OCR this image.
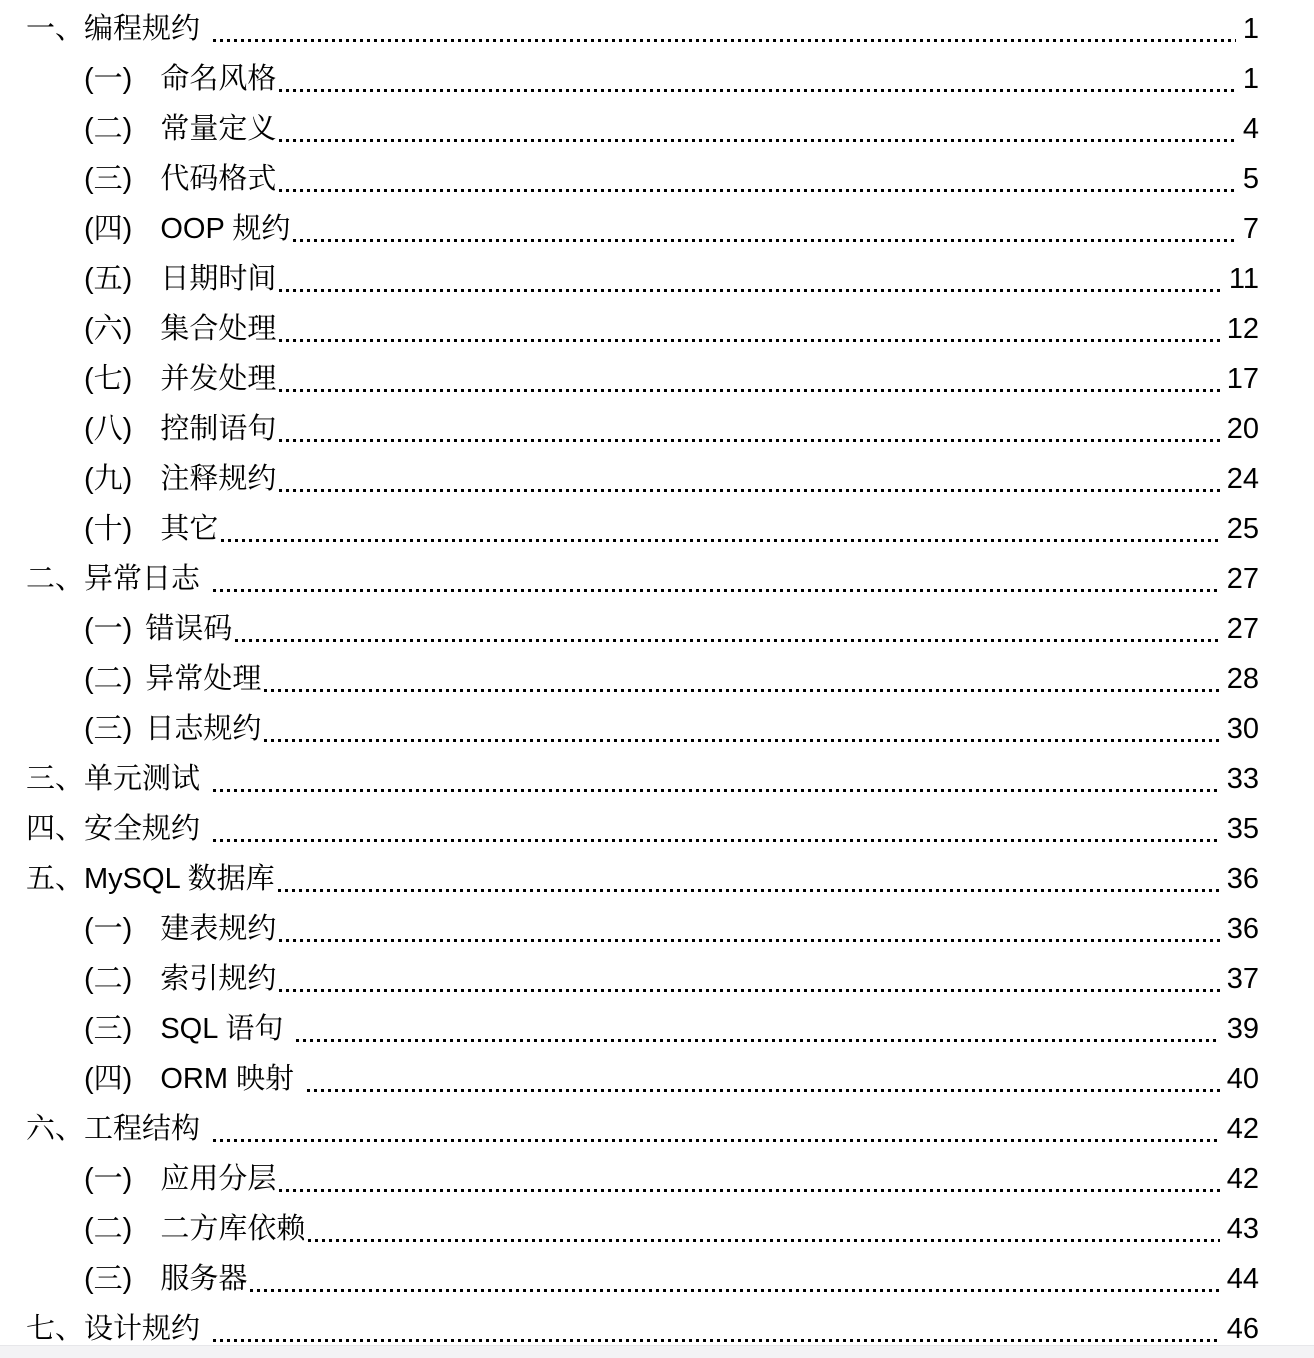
一、 编程规约	1
(一) 命名风格	1
(二) 常量定义	4
(三) 代码格式	5
(四) OOP 规约	7
(五) 日期时间	11
(六) 集合处理	12
(七) 并发处理	17
(八) 控制语句	20
(九) 注释规约	24
(十) 其它	25
二、 异常日志	27
(一) 错误码	27
(二) 异常处理	28
(三) 日志规约	30
三、 单元测试	33
四、 安全规约	35
五、 MySQL 数据库	36
(一) 建表规约	36
(二) 索引规约	37
(三) SQL 语句	39
(四) ORM 映射	40
六、 工程结构	42
(一) 应用分层	42
(二) 二方库依赖	43
(三) 服务器	44
七、 设计规约	46
